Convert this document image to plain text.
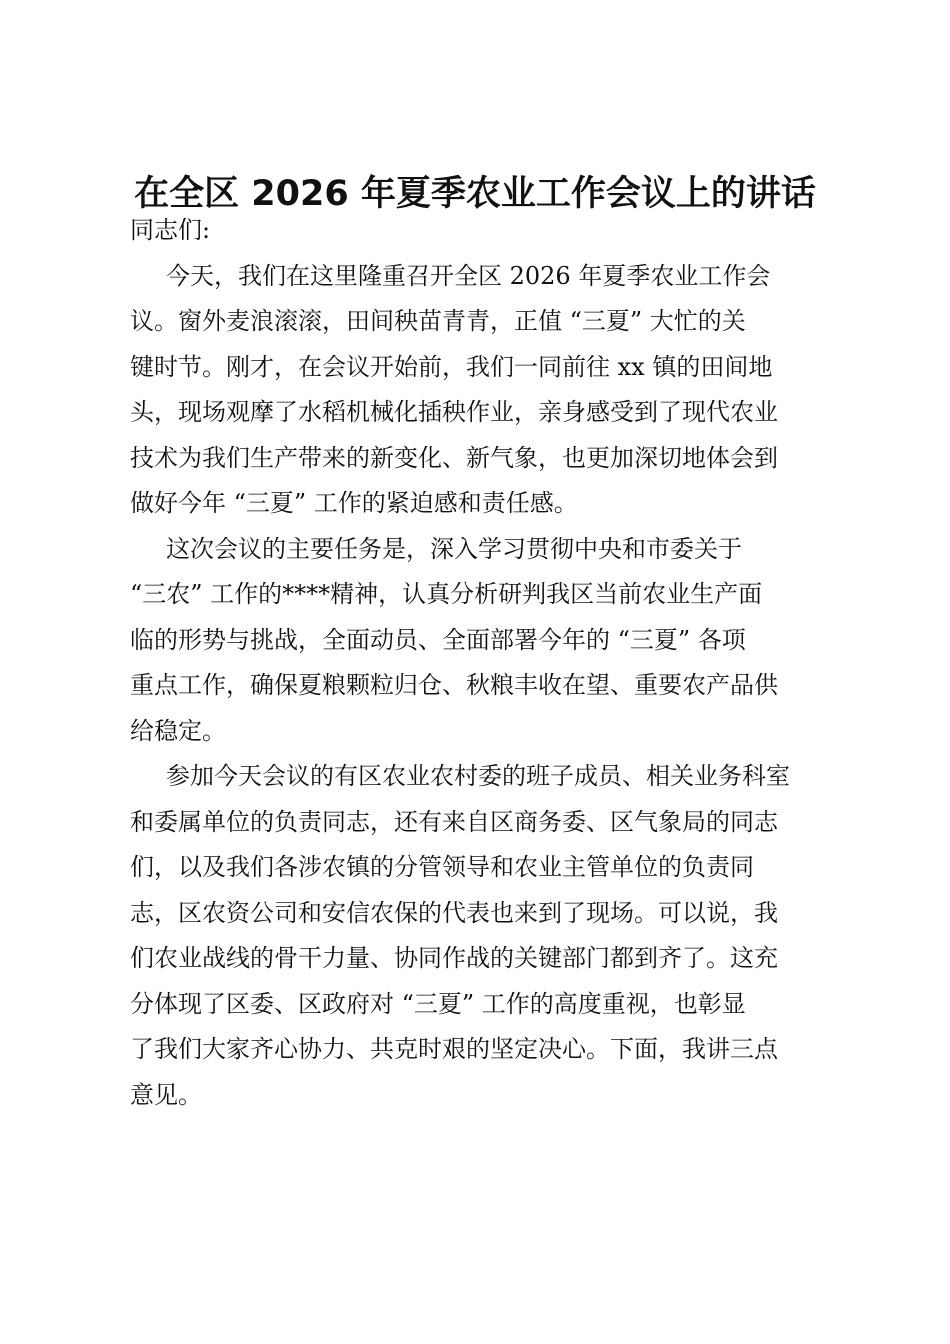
在全区 2026 年夏季农业工作会议上的讲话

同志们:

今天，我们在这里隆重召开全区 2026 年夏季农业工作会

议。窗外麦浪滚滚，田间秧苗青青，正值 “三夏” 大忙的关

键时节。刚才，在会议开始前，我们一同前往 xx 镇的田间地

头，现场观摩了水稻机械化插秧作业，亲身感受到了现代农业

技术为我们生产带来的新变化、新气象，也更加深切地体会到

做好今年 “三夏” 工作的紧迫感和责任感。

这次会议的主要任务是，深入学习贯彻中央和市委关于

“三农” 工作的****精神，认真分析研判我区当前农业生产面

临的形势与挑战，全面动员、全面部署今年的 “三夏” 各项

重点工作，确保夏粮颗粒归仓、秋粮丰收在望、重要农产品供

给稳定。

参加今天会议的有区农业农村委的班子成员、相关业务科室

和委属单位的负责同志，还有来自区商务委、区气象局的同志

们，以及我们各涉农镇的分管领导和农业主管单位的负责同

志，区农资公司和安信农保的代表也来到了现场。可以说，我

们农业战线的骨干力量、协同作战的关键部门都到齐了。这充

分体现了区委、区政府对 “三夏” 工作的高度重视，也彰显

了我们大家齐心协力、共克时艰的坚定决心。下面，我讲三点

意见。
